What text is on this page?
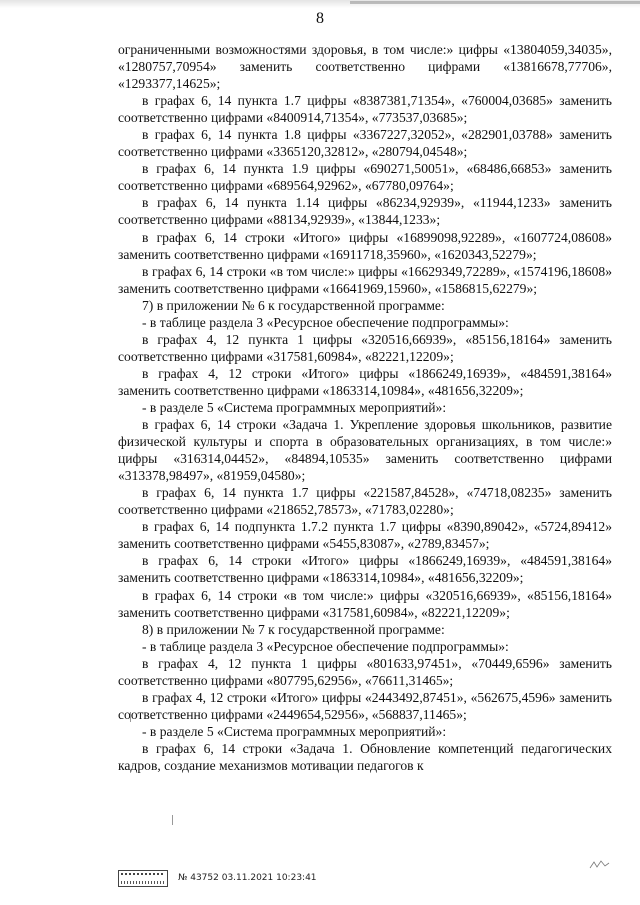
8

ограниченными возможностями здоровья, в том числе:» цифры «13804059,34035», «1280757,70954» заменить соответственно цифрами «13816678,77706», «1293377,14625»;

в графах 6, 14 пункта 1.7 цифры «8387381,71354», «760004,03685» заменить соответственно цифрами «8400914,71354», «773537,03685»;

в графах 6, 14 пункта 1.8 цифры «3367227,32052», «282901,03788» заменить соответственно цифрами «3365120,32812», «280794,04548»;

в графах 6, 14 пункта 1.9 цифры «690271,50051», «68486,66853» заменить соответственно цифрами «689564,92962», «67780,09764»;

в графах 6, 14 пункта 1.14 цифры «86234,92939», «11944,1233» заменить соответственно цифрами «88134,92939», «13844,1233»;

в графах 6, 14 строки «Итого» цифры «16899098,92289», «1607724,08608» заменить соответственно цифрами «16911718,35960», «1620343,52279»;

в графах 6, 14 строки «в том числе:» цифры «16629349,72289», «1574196,18608» заменить соответственно цифрами «16641969,15960», «1586815,62279»;

7) в приложении № 6 к государственной программе:

- в таблице раздела 3 «Ресурсное обеспечение подпрограммы»:

в графах 4, 12 пункта 1 цифры «320516,66939», «85156,18164» заменить соответственно цифрами «317581,60984», «82221,12209»;

в графах 4, 12 строки «Итого» цифры «1866249,16939», «484591,38164» заменить соответственно цифрами «1863314,10984», «481656,32209»;

- в разделе 5 «Система программных мероприятий»:

в графах 6, 14 строки «Задача 1. Укрепление здоровья школьников, развитие физической культуры и спорта в образовательных организациях, в том числе:» цифры «316314,04452», «84894,10535» заменить соответственно цифрами «313378,98497», «81959,04580»;

в графах 6, 14 пункта 1.7 цифры «221587,84528», «74718,08235» заменить соответственно цифрами «218652,78573», «71783,02280»;

в графах 6, 14 подпункта 1.7.2 пункта 1.7 цифры «8390,89042», «5724,89412» заменить соответственно цифрами «5455,83087», «2789,83457»;

в графах 6, 14 строки «Итого» цифры «1866249,16939», «484591,38164» заменить соответственно цифрами «1863314,10984», «481656,32209»;

в графах 6, 14 строки «в том числе:» цифры «320516,66939», «85156,18164» заменить соответственно цифрами «317581,60984», «82221,12209»;

8) в приложении № 7 к государственной программе:

- в таблице раздела 3 «Ресурсное обеспечение подпрограммы»:

в графах 4, 12 пункта 1 цифры «801633,97451», «70449,6596» заменить соответственно цифрами «807795,62956», «76611,31465»;

в графах 4, 12 строки «Итого» цифры «2443492,87451», «562675,4596» заменить соответственно цифрами «2449654,52956», «568837,11465»;

- в разделе 5 «Система программных мероприятий»:

в графах 6, 14 строки «Задача 1. Обновление компетенций педагогических кадров, создание механизмов мотивации педагогов к

№ 43752 03.11.2021 10:23:41
